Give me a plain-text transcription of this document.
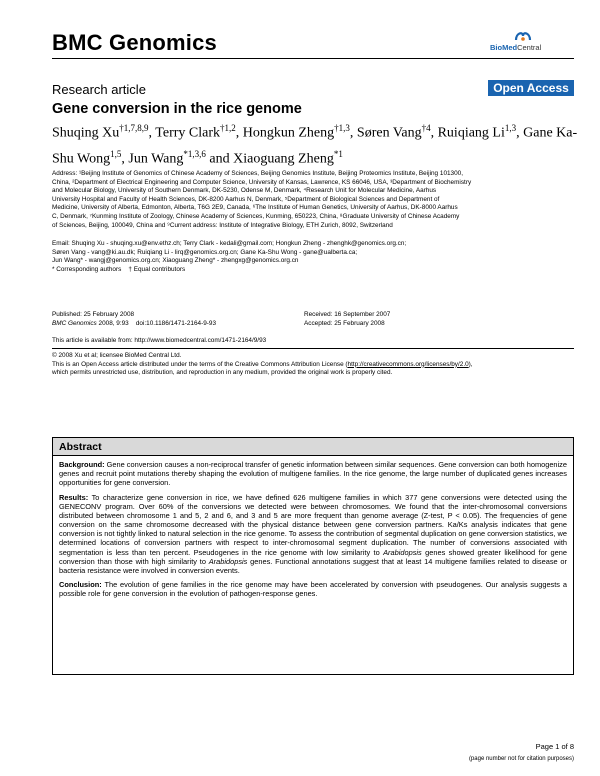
BMC Genomics	BioMedCentral
Research article	Open Access
Gene conversion in the rice genome
Shuqing Xu$^{\dagger 1,7,8,9}$, Terry Clark$^{\dagger 1,2}$, Hongkun Zheng$^{\dagger 1,3}$, Søren Vang$^{\dagger 4}$, Ruiqiang Li$^{1,3}$, Gane Ka-Shu Wong$^{1,5}$, Jun Wang$^{*1,3,6}$ and Xiaoguang Zheng$^{*1}$
Address: ¹Beijing Institute of Genomics of Chinese Academy of Sciences, Beijing Genomics Institute, Beijing Proteomics Institute, Beijing 101300,
China, ²Department of Electrical Engineering and Computer Science, University of Kansas, Lawrence, KS 66046, USA, ³Department of Biochemistry
and Molecular Biology, University of Southern Denmark, DK-5230, Odense M, Denmark, ⁴Research Unit for Molecular Medicine, Aarhus
University Hospital and Faculty of Health Sciences, DK-8200 Aarhus N, Denmark, ⁵Department of Biological Sciences and Department of
Medicine, University of Alberta, Edmonton, Alberta, T6G 2E9, Canada, ⁶The Institute of Human Genetics, University of Aarhus, DK-8000 Aarhus
C, Denmark, ⁷Kunming Institute of Zoology, Chinese Academy of Sciences, Kunming, 650223, China, ⁸Graduate University of Chinese Academy
of Sciences, Beijing, 100049, China and ⁹Current address: Institute of Integrative Biology, ETH Zurich, 8092, Switzerland
Email: Shuqing Xu - shuqing.xu@env.ethz.ch; Terry Clark - kedali@gmail.com; Hongkun Zheng - zhenghk@genomics.org.cn;
Søren Vang - vang@ki.au.dk; Ruiqiang Li - lirq@genomics.org.cn; Gane Ka-Shu Wong - gane@ualberta.ca;
Jun Wang* - wangj@genomics.org.cn; Xiaoguang Zheng* - zhengxg@genomics.org.cn
* Corresponding authors    † Equal contributors
Published: 25 February 2008
BMC Genomics 2008, 9:93    doi:10.1186/1471-2164-9-93
Received: 16 September 2007
Accepted: 25 February 2008
This article is available from: http://www.biomedcentral.com/1471-2164/9/93
© 2008 Xu et al; licensee BioMed Central Ltd.
This is an Open Access article distributed under the terms of the Creative Commons Attribution License (http://creativecommons.org/licenses/by/2.0),
which permits unrestricted use, distribution, and reproduction in any medium, provided the original work is properly cited.
Abstract

Background: Gene conversion causes a non-reciprocal transfer of genetic information between similar sequences. Gene conversion can both homogenize genes and recruit point mutations thereby shaping the evolution of multigene families. In the rice genome, the large number of duplicated genes increases opportunities for gene conversion.

Results: To characterize gene conversion in rice, we have defined 626 multigene families in which 377 gene conversions were detected using the GENECONV program. Over 60% of the conversions we detected were between chromosomes. We found that the inter-chromosomal conversions distributed between chromosome 1 and 5, 2 and 6, and 3 and 5 are more frequent than genome average (Z-test, P < 0.05). The frequencies of gene conversion on the same chromosome decreased with the physical distance between gene conversion partners. Ka/Ks analysis indicates that gene conversion is not tightly linked to natural selection in the rice genome. To assess the contribution of segmental duplication on gene conversion statistics, we determined locations of conversion partners with respect to inter-chromosomal segment duplication. The number of conversions associated with segmentation is less than ten percent. Pseudogenes in the rice genome with low similarity to Arabidopsis genes showed greater likelihood for gene conversion than those with high similarity to Arabidopsis genes. Functional annotations suggest that at least 14 multigene families related to disease or bacteria resistance were involved in conversion events.

Conclusion: The evolution of gene families in the rice genome may have been accelerated by conversion with pseudogenes. Our analysis suggests a possible role for gene conversion in the evolution of pathogen-response genes.

Page 1 of 8
(page number not for citation purposes)
